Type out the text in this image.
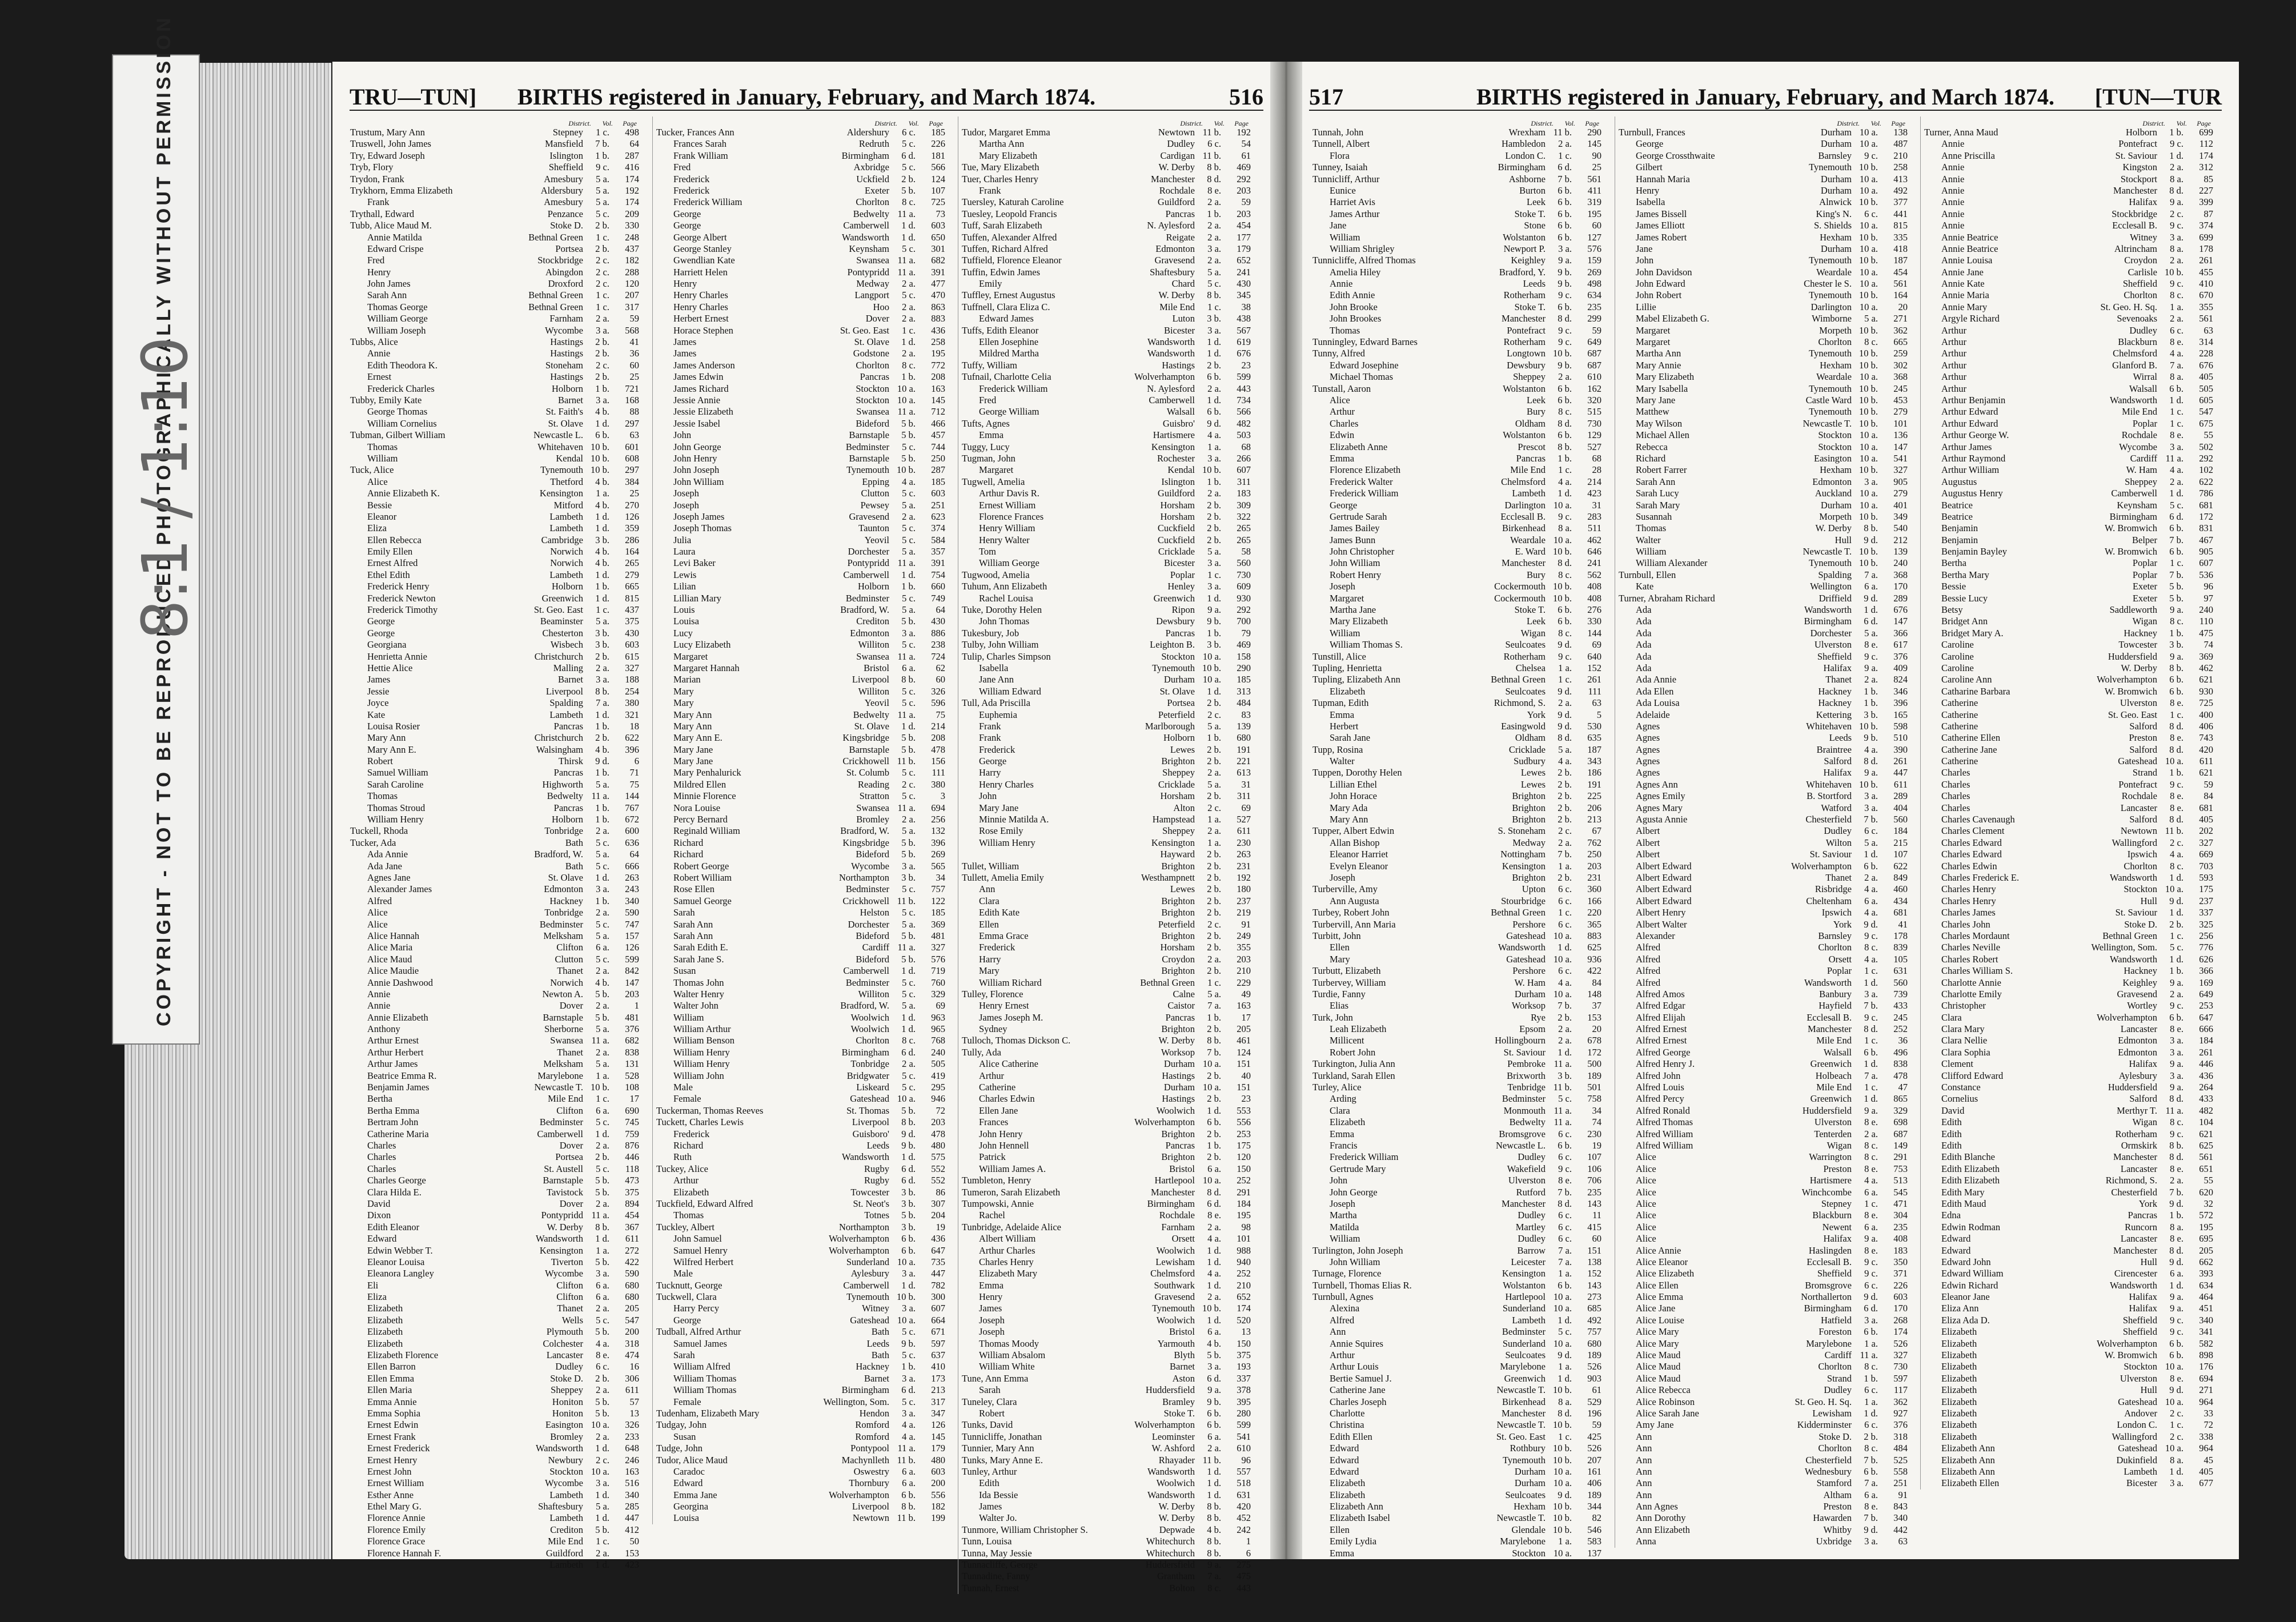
COPYRIGHT - NOT TO BE REPRODUCED PHOTOGRAPHICALLY WITHOUT PERMISSION
8:1 / 1:10
TRU—TUN]	BIRTHS registered in January, February, and March 1874.	516
District. Vol. Page
Trustum, Mary Ann	Stepney 1 c. 498
Truswell, John James	Mansfield 7 b. 64
Try, Edward Joseph	Islington 1 b. 287
Tryb, Flory	Sheffield 9 c. 416
Trydon, Frank	Amesbury 5 a. 174
Trykhorn, Emma Elizabeth	Aldersbury 5 a. 192
Frank	Amesbury 5 a. 174
Trythall, Edward	Penzance 5 c. 209
Tubb, Alice Maud M.	Stoke D. 2 b. 330
Annie Matilda	Bethnal Green 1 c. 248
Edward Crispe	Portsea 2 b. 437
Fred	Stockbridge 2 c. 182
Henry	Abingdon 2 c. 288
John James	Droxford 2 c. 120
Sarah Ann	Bethnal Green 1 c. 207
Thomas George	Bethnal Green 1 c. 317
William George	Farnham 2 a. 59
William Joseph	Wycombe 3 a. 568
Tubbs, Alice	Hastings 2 b. 41
Annie	Hastings 2 b. 36
Edith Theodora K.	Stoneham 2 c. 60
Ernest	Hastings 2 b. 25
Frederick Charles	Holborn 1 b. 721
Tubby, Emily Kate	Barnet 3 a. 168
George Thomas	St. Faith's 4 b. 88
William Cornelius	St. Olave 1 d. 297
Tubman, Gilbert William	Newcastle L. 6 b. 63
Thomas	Whitehaven 10 b. 601
William	Kendal 10 b. 608
Tuck, Alice	Tynemouth 10 b. 297
Alice	Thetford 4 b. 384
Annie Elizabeth K.	Kensington 1 a. 25
Bessie	Mitford 4 b. 270
Eleanor	Lambeth 1 d. 126
Eliza	Lambeth 1 d. 359
Ellen Rebecca	Cambridge 3 b. 286
Emily Ellen	Norwich 4 b. 164
Ernest Alfred	Norwich 4 b. 265
Ethel Edith	Lambeth 1 d. 279
Frederick Henry	Holborn 1 b. 665
Frederick Newton	Greenwich 1 d. 815
Frederick Timothy	St. Geo. East 1 c. 437
George	Beaminster 5 a. 375
George	Chesterton 3 b. 430
Georgiana	Wisbech 3 b. 603
Henrietta Annie	Christchurch 2 b. 615
Hettie Alice	Malling 2 a. 327
James	Barnet 3 a. 188
Jessie	Liverpool 8 b. 254
Joyce	Spalding 7 a. 380
Kate	Lambeth 1 d. 321
Louisa Rosier	Pancras 1 b. 18
Mary Ann	Christchurch 2 b. 622
Mary Ann E.	Walsingham 4 b. 396
Robert	Thirsk 9 d.	6
Samuel William	Pancras 1 b. 71
Sarah Caroline	Highworth 5 a. 75
Thomas	Bedwelty 11 a. 144
Thomas Stroud	Pancras 1 b. 767
William Henry	Holborn 1 b. 672
Tuckell, Rhoda	Tonbridge 2 a. 600
Tucker, Ada	Bath 5 c. 636
Ada Annie	Bradford, W. 5 a. 64
Ada Jane	Bath 5 c. 666
Agnes Jane	St. Olave 1 d. 263
Alexander James	Edmonton 3 a. 243
Alfred	Hackney 1 b. 340
Alice	Tonbridge 2 a. 590
Alice	Bedminster 5 c. 747
Alice Hannah	Melksham 5 a. 157
Alice Maria	Clifton 6 a. 126
Alice Maud	Clutton 5 c. 599
Alice Maudie	Thanet 2 a. 842
Annie Dashwood	Norwich 4 b. 147
Annie	Newton A. 5 b. 203
Annie	Dover 2 a.	1
Annie Elizabeth	Barnstaple 5 b. 481
Anthony	Sherborne 5 a. 376
Arthur Ernest	Swansea 11 a. 682
Arthur Herbert	Thanet 2 a. 838
Arthur James	Melksham 5 a. 131
Beatrice Emma R.	Marylebone 1 a. 528
Benjamin James	Newcastle T. 10 b. 108
Bertha	Mile End 1 c. 17
Bertha Emma	Clifton 6 a. 690
Bertram John	Bedminster 5 c. 745
Catherine Maria	Camberwell 1 d. 759
Charles	Dover 2 a. 876
Charles	Portsea 2 b. 446
Charles	St. Austell 5 c. 118
Charles George	Barnstaple 5 b. 473
Clara Hilda E.	Tavistock 5 b. 375
David	Dover 2 a. 894
Dixon	Pontypridd 11 a. 454
Edith Eleanor	W. Derby 8 b. 367
Edward	Wandsworth 1 d. 611
Edwin Webber T.	Kensington 1 a. 272
Eleanor Louisa	Tiverton 5 b. 422
Eleanora Langley	Wycombe 3 a. 590
Eli	Clifton 6 a. 680
Eliza	Clifton 6 a. 680
Elizabeth	Thanet 2 a. 205
Elizabeth	Wells 5 c. 547
Elizabeth	Plymouth 5 b. 200
Elizabeth	Colchester 4 a. 318
Elizabeth Florence	Lancaster 8 e. 474
Ellen Barron	Dudley 6 c. 16
Ellen Emma	Stoke D. 2 b. 306
Ellen Maria	Sheppey 2 a. 611
Emma Annie	Honiton 5 b. 57
Emma Sophia	Honiton 5 b. 13
Ernest Edwin	Easington 10 a. 326
Ernest Frank	Bromley 2 a. 233
Ernest Frederick	Wandsworth 1 d. 648
Ernest Henry	Newbury 2 c. 246
Ernest John	Stockton 10 a. 163
Ernest William	Wycombe 3 a. 516
Esther Anne	Lambeth 1 d. 340
Ethel Mary G.	Shaftesbury 5 a. 285
Florence Annie	Lambeth 1 d. 447
Florence Emily	Crediton 5 b. 412
Florence Grace	Mile End 1 c. 50
Florence Hannah F.	Guildford 2 a. 153
Lambeth 1 d. 423
District. Vol. Page
Tucker, Frances Ann	Aldershury 6 c. 185
Frances Sarah	Redruth 5 c. 226
Frank William	Birmingham 6 d. 181
Fred	Axbridge 5 c. 566
Frederick	Uckfield 2 b. 124
Frederick	Exeter 5 b. 107
Frederick William	Chorlton 8 c. 725
George	Bedwelty 11 a. 73
George	Camberwell 1 d. 603
George Albert	Wandsworth 1 d. 650
George Stanley	Keynsham 5 c. 301
Gwendlian Kate	Swansea 11 a. 682
Harriett Helen	Pontypridd 11 a. 391
Henry	Medway 2 a. 477
Henry Charles	Langport 5 c. 470
Henry Charles	Hoo 2 a. 863
Herbert Ernest	Dover 2 a. 883
Horace Stephen	St. Geo. East 1 c. 436
James	St. Olave 1 d. 258
James	Godstone 2 a. 195
James Anderson	Chorlton 8 c. 772
James Edwin	Pancras 1 b. 208
James Richard	Stockton 10 a. 163
Jessie Annie	Stockton 10 a. 145
Jessie Elizabeth	Swansea 11 a. 712
Jessie Isabel	Bideford 5 b. 466
John	Barnstaple 5 b. 457
John George	Bedminster 5 c. 744
John Henry	Barnstaple 5 b. 250
John Joseph	Tynemouth 10 b. 287
John William	Epping 4 a. 185
Joseph	Clutton 5 c. 603
Joseph	Pewsey 5 a. 251
Joseph James	Gravesend 2 a. 623
Joseph Thomas	Taunton 5 c. 374
Julia	Yeovil 5 c. 584
Laura	Dorchester 5 a. 357
Levi Baker	Pontypridd 11 a. 391
Lewis	Camberwell 1 d. 754
Lilian	Holborn 1 b. 660
Lillian Mary	Bedminster 5 c. 749
Louis	Bradford, W. 5 a. 64
Louisa	Crediton 5 b. 430
Lucy	Edmonton 3 a. 886
Lucy Elizabeth	Williton 5 c. 238
Margaret	Swansea 11 a. 724
Margaret Hannah	Bristol 6 a. 62
Marian	Liverpool 8 b. 60
Mary	Williton 5 c. 326
Mary	Yeovil 5 c. 596
Mary Ann	Bedwelty 11 a. 75
Mary Ann	St. Olave 1 d. 214
Mary Ann E.	Kingsbridge 5 b. 208
Mary Jane	Barnstaple 5 b. 478
Mary Jane	Crickhowell 11 b. 156
Mary Penhalurick	St. Columb 5 c. 111
Mildred Ellen	Reading 2 c. 380
Minnie Florence	Stratton 5 c.	3
Nora Louise	Swansea 11 a. 694
Percy Bernard	Bromley 2 a. 256
Reginald William	Bradford, W. 5 a. 132
Richard	Kingsbridge 5 b. 396
Richard	Bideford 5 b. 269
Robert George	Wycombe 3 a. 565
Robert William	Northampton 3 b. 34
Rose Ellen	Bedminster 5 c. 757
Samuel George	Crickhowell 11 b. 122
Sarah	Helston 5 c. 185
Sarah Ann	Dorchester 5 a. 369
Sarah Ann	Bideford 5 b. 481
Sarah Edith E.	Cardiff 11 a. 327
Sarah Jane S.	Bideford 5 b. 576
Susan	Camberwell 1 d. 719
Thomas John	Bedminster 5 c. 760
Walter Henry	Williton 5 c. 329
Walter John	Bradford, W. 5 a. 69
William	Woolwich 1 d. 963
William Arthur	Woolwich 1 d. 965
William Benson	Chorlton 8 c. 768
William Henry	Birmingham 6 d. 240
William Henry	Tonbridge 2 a. 505
William John	Bridgwater 5 c. 419
Male	Liskeard 5 c. 295
Female	Gateshead 10 a. 946
Tuckerman, Thomas Reeves	St. Thomas 5 b. 72
Tuckett, Charles Lewis	Liverpool 8 b. 203
Frederick	Guisboro' 9 d. 478
Richard	Leeds 9 b. 480
Ruth	Wandsworth 1 d. 575
Tuckey, Alice	Rugby 6 d. 552
Arthur	Rugby 6 d. 552
Elizabeth	Towcester 3 b. 86
Tuckfield, Edward Alfred	St. Neot's 3 b. 307
Thomas	Totnes 5 b. 204
Tuckley, Albert	Northampton 3 b. 19
John Samuel	Wolverhampton 6 b. 436
Samuel Henry	Wolverhampton 6 b. 647
Wilfred Herbert	Sunderland 10 a. 735
Male	Aylesbury 3 a. 447
Tucknutt, George	Camberwell 1 d. 782
Tuckwell, Clara	Tynemouth 10 b. 300
Harry Percy	Witney 3 a. 607
George	Gateshead 10 a. 664
Tudball, Alfred Arthur	Bath 5 c. 671
Samuel James	Leeds 9 b. 597
Sarah	Bath 5 c. 637
William Alfred	Hackney 1 b. 410
William Thomas	Barnet 3 a. 173
William Thomas	Birmingham 6 d. 213
Female	Wellington, Som. 5 c. 317
Tudenham, Elizabeth Mary	Hendon 3 a. 347
Tudgay, John	Romford 4 a. 126
Susan	Romford 4 a. 145
Tudge, John	Pontypool 11 a. 179
Tudor, Alice Maud	Machynlleth 11 b. 480
Caradoc	Oswestry 6 a. 603
Edward	Thornbury 6 a. 200
Emma Jane	Wolverhampton 6 b. 556
Georgina	Liverpool 8 b. 182
Louisa	Newtown 11 b. 199
District. Vol. Page
Tudor, Margaret Emma	Newtown 11 b. 192
Martha Ann	Dudley 6 c. 54
Mary Elizabeth	Cardigan 11 b. 61
Tue, Mary Elizabeth	W. Derby 8 b. 469
Tuer, Charles Henry	Manchester 8 d. 292
Frank	Rochdale 8 e. 203
Tuersley, Katurah Caroline	Guildford 2 a. 59
Tuesley, Leopold Francis	Pancras 1 b. 203
Tuff, Sarah Elizabeth	N. Aylesford 2 a. 454
Tuffen, Alexander Alfred	Reigate 2 a. 177
Tuffen, Richard Alfred	Edmonton 3 a. 179
Tuffield, Florence Eleanor	Gravesend 2 a. 652
Tuffin, Edwin James	Shaftesbury 5 a. 241
Emily	Chard 5 c. 430
Tuffley, Ernest Augustus	W. Derby 8 b. 345
Tuffnell, Clara Eliza C.	Mile End 1 c. 38
Edward James	Luton 3 b. 438
Tuffs, Edith Eleanor	Bicester 3 a. 567
Ellen Josephine	Wandsworth 1 d. 619
Mildred Martha	Wandsworth 1 d. 676
Tuffy, William	Hastings 2 b. 23
Tufnail, Charlotte Celia	Wolverhampton 6 b. 599
Frederick William	N. Aylesford 2 a. 443
Fred	Camberwell 1 d. 734
George William	Walsall 6 b. 566
Tufts, Agnes	Guisbro' 9 d. 482
Emma	Hartismere 4 a. 503
Tuggy, Lucy	Kensington 1 a. 68
Tugman, John	Rochester 3 a. 266
Margaret	Kendal 10 b. 607
Tugwell, Amelia	Islington 1 b. 311
Arthur Davis R.	Guildford 2 a. 183
Ernest William	Horsham 2 b. 309
Florence Frances	Horsham 2 b. 322
Henry William	Cuckfield 2 b. 265
Henry Walter	Cuckfield 2 b. 265
Tom	Cricklade 5 a. 58
William George	Bicester 3 a. 560
Tugwood, Amelia	Poplar 1 c. 730
Tuhum, Ann Elizabeth	Henley 3 a. 609
Rachel Louisa	Greenwich 1 d. 930
Tuke, Dorothy Helen	Ripon 9 a. 292
John Thomas	Dewsbury 9 b. 700
Tukesbury, Job	Pancras 1 b. 79
Tulby, John William	Leighton B. 3 b. 469
Tulip, Charles Simpson	Stockton 10 a. 158
Isabella	Tynemouth 10 b. 290
Jane Ann	Durham 10 a. 185
William Edward	St. Olave 1 d. 313
Tull, Ada Priscilla	Portsea 2 b. 484
Euphemia	Peterfield 2 c. 83
Frank	Marlborough 5 a. 139
Frank	Holborn 1 b. 680
Frederick	Lewes 2 b. 191
George	Brighton 2 b. 221
Harry	Sheppey 2 a. 613
Henry Charles	Cricklade 5 a. 31
John	Horsham 2 b. 311
Mary Jane	Alton 2 c. 69
Minnie Matilda A.	Hampstead 1 a. 527
Rose Emily	Sheppey 2 a. 611
William Henry	Kensington 1 a. 230
Hayward 2 b. 263
Tullet, William	Brighton 2 b. 231
Tullett, Amelia Emily	Westhampnett 2 b. 192
Ann	Lewes 2 b. 180
Clara	Brighton 2 b. 237
Edith Kate	Brighton 2 b. 219
Ellen	Peterfield 2 c. 91
Emma Grace	Brighton 2 b. 249
Frederick	Horsham 2 b. 355
Harry	Croydon 2 a. 203
Mary	Brighton 2 b. 210
William Richard	Bethnal Green 1 c. 229
Tulley, Florence	Calne 5 a. 49
Henry Ernest	Caistor 7 a. 163
James Joseph M.	Pancras 1 b. 17
Sydney	Brighton 2 b. 205
Tulloch, Thomas Dickson C.	W. Derby 8 b. 461
Tully, Ada	Worksop 7 b. 124
Alice Catherine	Durham 10 a. 151
Arthur	Hastings 2 b. 40
Catherine	Durham 10 a. 151
Charles Edwin	Hastings 2 b. 23
Ellen Jane	Woolwich 1 d. 553
Frances	Wolverhampton 6 b. 556
John Henry	Brighton 2 b. 253
John Hennell	Pancras 1 b. 175
Patrick	Brighton 2 b. 120
William James A.	Bristol 6 a. 150
Tumbleton, Henry	Hartlepool 10 a. 252
Tumeron, Sarah Elizabeth	Manchester 8 d. 291
Tumpowski, Annie	Birmingham 6 d. 184
Rachel	Rochdale 8 e. 195
Tunbridge, Adelaide Alice	Farnham 2 a. 98
Albert William	Orsett 4 a. 101
Arthur Charles	Woolwich 1 d. 988
Charles Henry	Lewisham 1 d. 940
Elizabeth Mary	Chelmsford 4 a. 252
Emma	Southwark 1 d. 210
Henry	Gravesend 2 a. 652
James	Tynemouth 10 b. 174
Joseph	Woolwich 1 d. 520
Joseph	Bristol 6 a. 13
Thomas Moody	Yarmouth 4 b. 150
William Absalom	Blyth 5 b. 375
William White	Barnet 3 a. 193
Tune, Ann Emma	Aston 6 d. 337
Sarah	Huddersfield 9 a. 378
Tuneley, Clara	Bramley 9 b. 395
Robert	Stoke T. 6 b. 280
Tunks, David	Wolverhampton 6 b. 599
Tunnicliffe, Jonathan	Leominster 6 a. 541
Tunnier, Mary Ann	W. Ashford 2 a. 610
Tunks, Mary Anne E.	Rhayader 11 b. 96
Tunley, Arthur	Wandsworth 1 d. 557
Edith	Woolwich 1 d. 518
Ida Bessie	Wandsworth 1 d. 631
James	W. Derby 8 b. 420
Walter Jo.	W. Derby 8 b. 452
Tunmore, William Christopher S.	Depwade 4 b. 242
Tunn, Louisa	Whitechurch 8 b.	1
Tunna, May Jessie	Whitechurch 8 b.	6
Tunnacliffe, George	Huddersfield 9 a. 275
Tunnadine, Fanny	Grantham 7 a. 475
Tunnah, Ernest	Bolton 8 c. 443
517	BIRTHS registered in January, February, and March 1874.	[TUN—TUR
District. Vol. Page
Tunnah, John	Wrexham 11 b. 290
Tunnell, Albert	Hambledon 2 a. 145
Flora	London C. 1 c. 90
Tunney, Isaiah	Birmingham 6 d. 25
Tunnicliff, Arthur	Ashborne 7 b. 561
Eunice	Burton 6 b. 411
Harriet Avis	Leek 6 b. 319
James Arthur	Stoke T. 6 b. 195
Jane	Stone 6 b. 60
William	Wolstanton 6 b. 127
William Shrigley	Newport P. 3 a. 576
Tunnicliffe, Alfred Thomas	Keighley 9 a. 159
Amelia Hiley	Bradford, Y. 9 b. 269
Annie	Leeds 9 b. 498
Edith Annie	Rotherham 9 c. 634
John Brooke	Stoke T. 6 b. 235
John Brookes	Manchester 8 d. 299
Thomas	Pontefract 9 c. 59
Tunningley, Edward Barnes	Rotherham 9 c. 649
Tunny, Alfred	Longtown 10 b. 687
Edward Josephine	Dewsbury 9 b. 687
Michael Thomas	Sheppey 2 a. 610
Tunstall, Aaron	Wolstanton 6 b. 162
Alice	Leek 6 b. 320
Arthur	Bury 8 c. 515
Charles	Oldham 8 d. 730
Edwin	Wolstanton 6 b. 129
Elizabeth Anne	Prescot 8 b. 527
Emma	Pancras 1 b. 68
Florence Elizabeth	Mile End 1 c. 28
Frederick Walter	Chelmsford 4 a. 214
Frederick William	Lambeth 1 d. 423
George	Darlington 10 a. 31
Gertrude Sarah	Ecclesall B. 9 c. 283
James Bailey	Birkenhead 8 a. 511
James Bunn	Weardale 10 a. 462
John Christopher	E. Ward 10 b. 646
John William	Manchester 8 d. 241
Robert Henry	Bury 8 c. 562
Joseph	Cockermouth 10 b. 408
Margaret	Cockermouth 10 b. 408
Martha Jane	Stoke T. 6 b. 276
Mary Elizabeth	Leek 6 b. 330
William	Wigan 8 c. 144
William Thomas S.	Seulcoates 9 d. 69
Tunstill, Alice	Rotherham 9 c. 640
Tupling, Henrietta	Chelsea 1 a. 152
Tupling, Elizabeth Ann	Bethnal Green 1 c. 261
Elizabeth	Seulcoates 9 d. 111
Tupman, Edith	Richmond, S. 2 a. 63
Emma	York 9 d.	5
Herbert	Easingwold 9 d. 530
Sarah Jane	Oldham 8 d. 635
Tupp, Rosina	Cricklade 5 a. 187
Walter	Sudbury 4 a. 343
Tuppen, Dorothy Helen	Lewes 2 b. 186
Lillian Ethel	Lewes 2 b. 191
John Horace	Brighton 2 b. 225
Mary Ada	Brighton 2 b. 206
Mary Ann	Brighton 2 b. 213
Tupper, Albert Edwin	S. Stoneham 2 c. 67
Allan Bishop	Medway 2 a. 762
Eleanor Harriet	Nottingham 7 b. 250
Evelyn Eleanor	Kensington 1 a. 203
Joseph	Brighton 2 b. 231
Turberville, Amy	Upton 6 c. 360
Ann Augusta	Stourbridge 6 c. 166
Turbey, Robert John	Bethnal Green 1 c. 220
Turbervill, Ann Maria	Pershore 6 c. 365
Turbitt, John	Gateshead 10 a. 883
Ellen	Wandsworth 1 d. 625
Mary	Gateshead 10 a. 936
Turbutt, Elizabeth	Pershore 6 c. 422
Turbervey, William	W. Ham 4 a. 84
Turdie, Fanny	Durham 10 a. 148
Elias	Worksop 7 b. 37
Turk, John	Rye 2 b. 153
Leah Elizabeth	Epsom 2 a. 20
Millicent	Hollingbourn 2 a. 678
Robert John	St. Saviour 1 d. 172
Turkington, Julia Ann	Pembroke 11 a. 500
Turkland, Sarah Ellen	Brixworth 3 b. 189
Turley, Alice	Tenbridge 11 b. 501
Arding	Bedminster 5 c. 758
Clara	Monmouth 11 a. 34
Elizabeth	Bedwelty 11 a. 74
Emma	Bromsgrove 6 c. 230
Francis	Newcastle L. 6 b. 19
Frederick William	Dudley 6 c. 107
Gertrude Mary	Wakefield 9 c. 106
John	Ulverston 8 e. 706
John George	Rutford 7 b. 235
Joseph	Manchester 8 d. 143
Martha	Dudley 6 c. 11
Matilda	Martley 6 c. 415
William	Dudley 6 c. 60
Turlington, John Joseph	Barrow 7 a. 151
John William	Leicester 7 a. 138
Turnage, Florence	Kensington 1 a. 152
Turnbell, Thomas Elias R.	Wolstanton 6 b. 143
Turnbull, Agnes	Hartlepool 10 a. 273
Alexina	Sunderland 10 a. 685
Alfred	Lambeth 1 d. 492
Ann	Bedminster 5 c. 757
Annie Squires	Sunderland 10 a. 680
Arthur	Seulcoates 9 d. 189
Arthur Louis	Marylebone 1 a. 526
Bertie Samuel J.	Greenwich 1 d. 903
Catherine Jane	Newcastle T. 10 b. 61
Charles Joseph	Birkenhead 8 a. 529
Charlotte	Manchester 8 d. 196
Christina	Newcastle T. 10 b. 59
Edith Ellen	St. Geo. East 1 c. 425
Edward	Rothbury 10 b. 526
Edward	Tynemouth 10 b. 207
Edward	Durham 10 a. 161
Elizabeth	Durham 10 a. 406
Elizabeth	Seulcoates 9 d. 189
Elizabeth Ann	Hexham 10 b. 344
Elizabeth Isabel	Newcastle T. 10 b. 82
Ellen	Glendale 10 b. 546
Emily Lydia	Marylebone 1 a. 583
Emma	Stockton 10 a. 137
District. Vol. Page
Turnbull, Frances	Durham 10 a. 138
George	Durham 10 a. 487
George Crossthwaite	Barnsley 9 c. 210
Gilbert	Tynemouth 10 b. 258
Hannah Maria	Durham 10 a. 413
Henry	Durham 10 a. 492
Isabella	Alnwick 10 b. 377
James Bissell	King's N. 6 c. 441
James Elliott	S. Shields 10 a. 815
James Robert	Hexham 10 b. 335
Jane	Durham 10 a. 418
John	Tynemouth 10 b. 187
John Davidson	Weardale 10 a. 454
John Edward	Chester le S. 10 a. 561
John Robert	Tynemouth 10 b. 164
Lillie	Darlington 10 a. 20
Mabel Elizabeth G.	Wimborne 5 a. 271
Margaret	Morpeth 10 b. 362
Margaret	Chorlton 8 c. 665
Martha Ann	Tynemouth 10 b. 259
Mary Annie	Hexham 10 b. 302
Mary Elizabeth	Weardale 10 a. 368
Mary Isabella	Tynemouth 10 b. 245
Mary Jane	Castle Ward 10 b. 453
Matthew	Tynemouth 10 b. 279
May Wilson	Newcastle T. 10 b. 101
Michael Allen	Stockton 10 a. 136
Rebecca	Stockton 10 a. 147
Richard	Easington 10 a. 541
Robert Farrer	Hexham 10 b. 327
Sarah Ann	Edmonton 3 a. 905
Sarah Lucy	Auckland 10 a. 279
Sarah Mary	Durham 10 a. 401
Susannah	Morpeth 10 b. 349
Thomas	W. Derby 8 b. 540
Walter	Hull 9 d. 212
William	Newcastle T. 10 b. 139
William Alexander	Tynemouth 10 b. 240
Turnbull, Ellen	Spalding 7 a. 368
Kate	Wellington 6 a. 170
Turner, Abraham Richard	Driffield 9 d. 289
Ada	Wandsworth 1 d. 676
Ada	Birmingham 6 d. 147
Ada	Dorchester 5 a. 366
Ada	Ulverston 8 e. 617
Ada	Sheffield 9 c. 376
Ada	Halifax 9 a. 409
Ada Annie	Thanet 2 a. 824
Ada Ellen	Hackney 1 b. 346
Ada Louisa	Hackney 1 b. 396
Adelaide	Kettering 3 b. 165
Agnes	Whitehaven 10 b. 598
Agnes	Leeds 9 b. 510
Agnes	Braintree 4 a. 390
Agnes	Salford 8 d. 261
Agnes	Halifax 9 a. 447
Agnes Ann	Whitehaven 10 b. 611
Agnes Emily	B. Stortford 3 a. 289
Agnes Mary	Watford 3 a. 404
Agusta Annie	Chesterfield 7 b. 560
Albert	Dudley 6 c. 184
Albert	Wilton 5 a. 215
Albert	St. Saviour 1 d. 107
Albert Edward	Wolverhampton 6 b. 622
Albert Edward	Thanet 2 a. 849
Albert Edward	Risbridge 4 a. 460
Albert Edward	Cheltenham 6 a. 434
Albert Henry	Ipswich 4 a. 681
Albert Walter	York 9 d. 41
Alexander	Barnsley 9 c. 178
Alfred	Chorlton 8 c. 839
Alfred	Orsett 4 a. 105
Alfred	Poplar 1 c. 631
Alfred	Wandsworth 1 d. 560
Alfred Amos	Banbury 3 a. 739
Alfred Edgar	Hayfield 7 b. 433
Alfred Elijah	Ecclesall B. 9 c. 245
Alfred Ernest	Manchester 8 d. 252
Alfred Ernest	Mile End 1 c. 36
Alfred George	Walsall 6 b. 496
Alfred Henry J.	Greenwich 1 d. 838
Alfred John	Holbeach 7 a. 478
Alfred Louis	Mile End 1 c. 47
Alfred Percy	Greenwich 1 d. 865
Alfred Ronald	Huddersfield 9 a. 329
Alfred Thomas	Ulverston 8 e. 698
Alfred William	Tenterden 2 a. 687
Alfred William	Wigan 8 c. 149
Alice	Warrington 8 c. 291
Alice	Preston 8 e. 753
Alice	Hartismere 4 a. 513
Alice	Winchcombe 6 a. 545
Alice	Stepney 1 c. 471
Alice	Blackburn 8 e. 304
Alice	Newent 6 a. 235
Alice	Halifax 9 a. 408
Alice Annie	Haslingden 8 e. 183
Alice Eleanor	Ecclesall B. 9 c. 350
Alice Elizabeth	Sheffield 9 c. 371
Alice Ellen	Bromsgrove 6 c. 226
Alice Emma	Northallerton 9 d. 603
Alice Jane	Birmingham 6 d. 170
Alice Louise	Hatfield 3 a. 268
Alice Mary	Foreston 6 b. 174
Alice Mary	Marylebone 1 a. 526
Alice Maud	Cardiff 11 a. 327
Alice Maud	Chorlton 8 c. 730
Alice Maud	Strand 1 b. 597
Alice Rebecca	Dudley 6 c. 117
Alice Robinson	St. Geo. H. Sq. 1 a. 362
Alice Sarah Jane	Lewisham 1 d. 927
Amy Jane	Kidderminster 6 c. 376
Ann	Stoke D. 2 b. 318
Ann	Chorlton 8 c. 484
Ann	Chesterfield 7 b. 525
Ann	Wednesbury 6 b. 558
Ann	Stamford 7 a. 251
Ann	Altham 6 a. 91
Ann Agnes	Preston 8 e. 843
Ann Dorothy	Hawarden 7 b. 340
Ann Elizabeth	Whitby 9 d. 442
Anna	Uxbridge 3 a. 63
District. Vol. Page
Turner, Anna Maud	Holborn 1 b. 699
Annie	Pontefract 9 c. 112
Anne Priscilla	St. Saviour 1 d. 174
Annie	Kingston 2 a. 312
Annie	Stockport 8 a. 85
Annie	Manchester 8 d. 227
Annie	Halifax 9 a. 399
Annie	Stockbridge 2 c. 87
Annie	Ecclesall B. 9 c. 374
Annie Beatrice	Witney 3 a. 699
Annie Beatrice	Altrincham 8 a. 178
Annie Louisa	Croydon 2 a. 261
Annie Jane	Carlisle 10 b. 455
Annie Kate	Sheffield 9 c. 410
Annie Maria	Chorlton 8 c. 670
Annie Mary	St. Geo. H. Sq. 1 a. 355
Argyle Richard	Sevenoaks 2 a. 561
Arthur	Dudley 6 c. 63
Arthur	Blackburn 8 e. 314
Arthur	Chelmsford 4 a. 228
Arthur	Glanford B. 7 a. 676
Arthur	Wirral 8 a. 405
Arthur	Walsall 6 b. 505
Arthur Benjamin	Wandsworth 1 d. 605
Arthur Edward	Mile End 1 c. 547
Arthur Edward	Poplar 1 c. 675
Arthur George W.	Rochdale 8 e. 55
Arthur James	Wycombe 3 a. 502
Arthur Raymond	Cardiff 11 a. 292
Arthur William	W. Ham 4 a. 102
Augustus	Sheppey 2 a. 622
Augustus Henry	Camberwell 1 d. 786
Beatrice	Keynsham 5 c. 681
Beatrice	Birmingham 6 d. 172
Benjamin	W. Bromwich 6 b. 831
Benjamin	Belper 7 b. 467
Benjamin Bayley	W. Bromwich 6 b. 905
Bertha	Poplar 1 c. 607
Bertha Mary	Poplar 7 b. 536
Bessie	Exeter 5 b. 96
Bessie Lucy	Exeter 5 b. 97
Betsy	Saddleworth 9 a. 240
Bridget Ann	Wigan 8 c. 110
Bridget Mary A.	Hackney 1 b. 475
Caroline	Towcester 3 b. 74
Caroline	Huddersfield 9 a. 369
Caroline	W. Derby 8 b. 462
Caroline Ann	Wolverhampton 6 b. 621
Catharine Barbara	W. Bromwich 6 b. 930
Catherine	Ulverston 8 e. 725
Catherine	St. Geo. East 1 c. 400
Catherine	Salford 8 d. 406
Catherine Ellen	Preston 8 e. 743
Catherine Jane	Salford 8 d. 420
Catherine	Gateshead 10 a. 611
Charles	Strand 1 b. 621
Charles	Pontefract 9 c. 59
Charles	Rochdale 8 e. 84
Charles	Lancaster 8 e. 681
Charles Cavenaugh	Salford 8 d. 405
Charles Clement	Newtown 11 b. 202
Charles Edward	Wallingford 2 c. 327
Charles Edward	Ipswich 4 a. 669
Charles Edwin	Chorlton 8 c. 703
Charles Frederick E.	Wandsworth 1 d. 593
Charles Henry	Stockton 10 a. 175
Charles Henry	Hull 9 d. 237
Charles James	St. Saviour 1 d. 337
Charles John	Stoke D. 2 b. 325
Charles Mordaunt	Bethnal Green 1 c. 256
Charles Neville	Wellington, Som. 5 c. 776
Charles Robert	Wandsworth 1 d. 626
Charles William S.	Hackney 1 b. 366
Charlotte Annie	Keighley 9 a. 169
Charlotte Emily	Gravesend 2 a. 649
Christopher	Wortley 9 c. 253
Clara	Wolverhampton 6 b. 647
Clara Mary	Lancaster 8 e. 666
Clara Nellie	Edmonton 3 a. 184
Clara Sophia	Edmonton 3 a. 261
Clement	Halifax 9 a. 446
Clifford Edward	Aylesbury 3 a. 436
Constance	Huddersfield 9 a. 264
Cornelius	Salford 8 d. 433
David	Merthyr T. 11 a. 482
Edith	Wigan 8 c. 104
Edith	Rotherham 9 c. 621
Edith	Ormskirk 8 b. 625
Edith Blanche	Manchester 8 d. 561
Edith Elizabeth	Lancaster 8 e. 651
Edith Elizabeth	Richmond, S. 2 a. 55
Edith Mary	Chesterfield 7 b. 620
Edith Maud	York 9 d. 32
Edna	Pancras 1 b. 572
Edwin Rodman	Runcorn 8 a. 195
Edward	Lancaster 8 e. 695
Edward	Manchester 8 d. 205
Edward John	Hull 9 d. 662
Edward William	Cirencester 6 a. 393
Edwin Richard	Wandsworth 1 d. 634
Eleanor Jane	Halifax 9 a. 464
Eliza Ann	Halifax 9 a. 451
Eliza Ada D.	Sheffield 9 c. 340
Elizabeth	Sheffield 9 c. 341
Elizabeth	Wolverhampton 6 b. 582
Elizabeth	W. Bromwich 6 b. 898
Elizabeth	Stockton 10 a. 176
Elizabeth	Ulverston 8 e. 694
Elizabeth	Hull 9 d. 271
Elizabeth	Gateshead 10 a. 964
Elizabeth	Andover 2 c. 33
Elizabeth	London C. 1 c. 72
Elizabeth	Wallingford 2 c. 338
Elizabeth Ann	Gateshead 10 a. 964
Elizabeth Ann	Dukinfield 8 a. 45
Elizabeth Ann	Lambeth 1 d. 405
Elizabeth Ellen	Bicester 3 a. 677
